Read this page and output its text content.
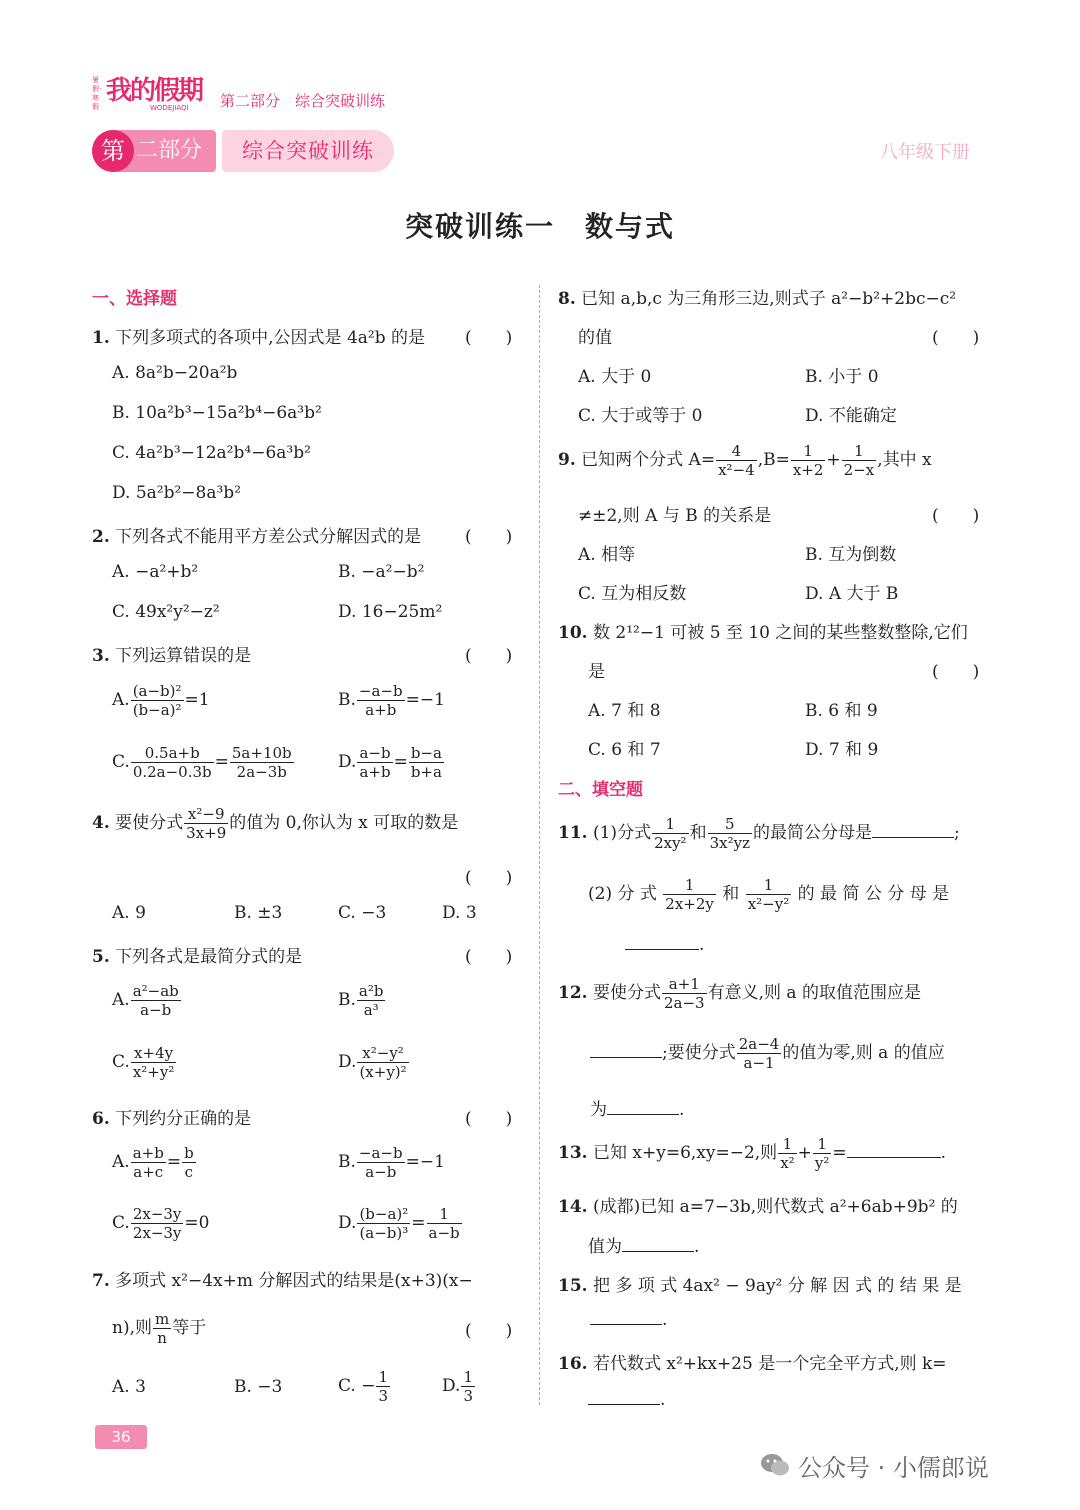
暑假·寒假
我的假期
WODEJIAQI 第二部分　综合突破训练
第 二部分	综合突破训练	八年级下册
突破训练一　数与式
一、选择题
1. 下列多项式的各项中,公因式是 4a²b 的是 (　　)
A. 8a²b−20a²b
B. 10a²b³−15a²b⁴−6a³b²
C. 4a²b³−12a²b⁴−6a³b²
D. 5a²b²−8a³b²
2. 下列各式不能用平方差公式分解因式的是	(　　)
A. −a²+b²	B. −a²−b²
C. 49x²y²−z²	D. 16−25m²
3. 下列运算错误的是	(　　)
A. $\frac{\text{(a−b)²}}{\text{(b−a)²}} =1$	B. $\frac{-a-b}{a+b} =-1$
C. $\frac{0.5a+b}{0.2a-0.3b} = \frac{5a+10b}{2a-3b}$	D. $\frac{a-b}{a+b} = \frac{b-a}{b+a}$
4. 要使分式 $\frac{\text{x²−9}}{3x+9}$ 的值为 0,你认为 x 可取的数是
(　　)
A. 9	B. ±3	C. −3	D. 3
5. 下列各式是最简分式的是	(　　)
A. $\frac{\text{a²−ab}}{a-b}$	B. $\frac{\text{a²b}}{\text{a³}}$
C. $\frac{x+4y}{\text{x²+y²}}$	D. $\frac{\text{x²−y²}}{\text{(x+y)²}}$
6. 下列约分正确的是	(　　)
A. $\frac{a+b}{a+c} = \frac{b}{c}$	B. $\frac{-a-b}{a-b} =-1$
C. $\frac{2x-3y}{2x-3y} =0$	D. $\frac{\text{(b−a)²}}{\text{(a−b)³}} = \frac{1}{a-b}$
7. 多项式 x²−4x+m 分解因式的结果是(x+3)(x−
n),则 $\frac{m}{n}$ 等于	(　　)
A. 3	B. −3	C. − $\frac{1}{3}$	D. $\frac{1}{3}$
8. 已知 a,b,c 为三角形三边,则式子 a²−b²+2bc−c²
的值	(　　)
A. 大于 0	B. 小于 0
C. 大于或等于 0	D. 不能确定
9. 已知两个分式 $A= \frac{4}{\text{x²−4}} ,B= \frac{1}{x+2} + \frac{1}{2-x}$ ,其中 x
≠±2,则 A 与 B 的关系是	(　　)
A. 相等	B. 互为倒数
C. 互为相反数	D. A 大于 B
10. 数 2¹²−1 可被 5 至 10 之间的某些整数整除,它们
是	(　　)
A. 7 和 8	B. 6 和 9
C. 6 和 7	D. 7 和 9
二、填空题
11. (1)分式 $\frac{1}{\text{2xy²}}$ 和 $\frac{5}{\text{3x²yz}}$ 的最简公分母是	;
(2) 分 式 $\frac{1}{2x+2y}$ 和 $\frac{1}{\text{x²−y²}}$ 的 最 简 公 分 母 是
.
12. 要使分式 $\frac{a+1}{2a-3}$ 有意义,则 a 的取值范围应是
;要使分式 $\frac{2a-4}{a-1}$ 的值为零,则 a 的值应
为	.
13. 已知 x+y=6,xy=−2,则 $\frac{1}{\text{x²}} + \frac{1}{\text{y²}}$ =	.
14. (成都)已知 a=7−3b,则代数式 a²+6ab+9b² 的
值为	.
15. 把 多 项 式 4ax² − 9ay² 分 解 因 式 的 结 果 是
.
16. 若代数式 x²+kx+25 是一个完全平方式,则 k=
.
36
公众号 · 小儒郎说
